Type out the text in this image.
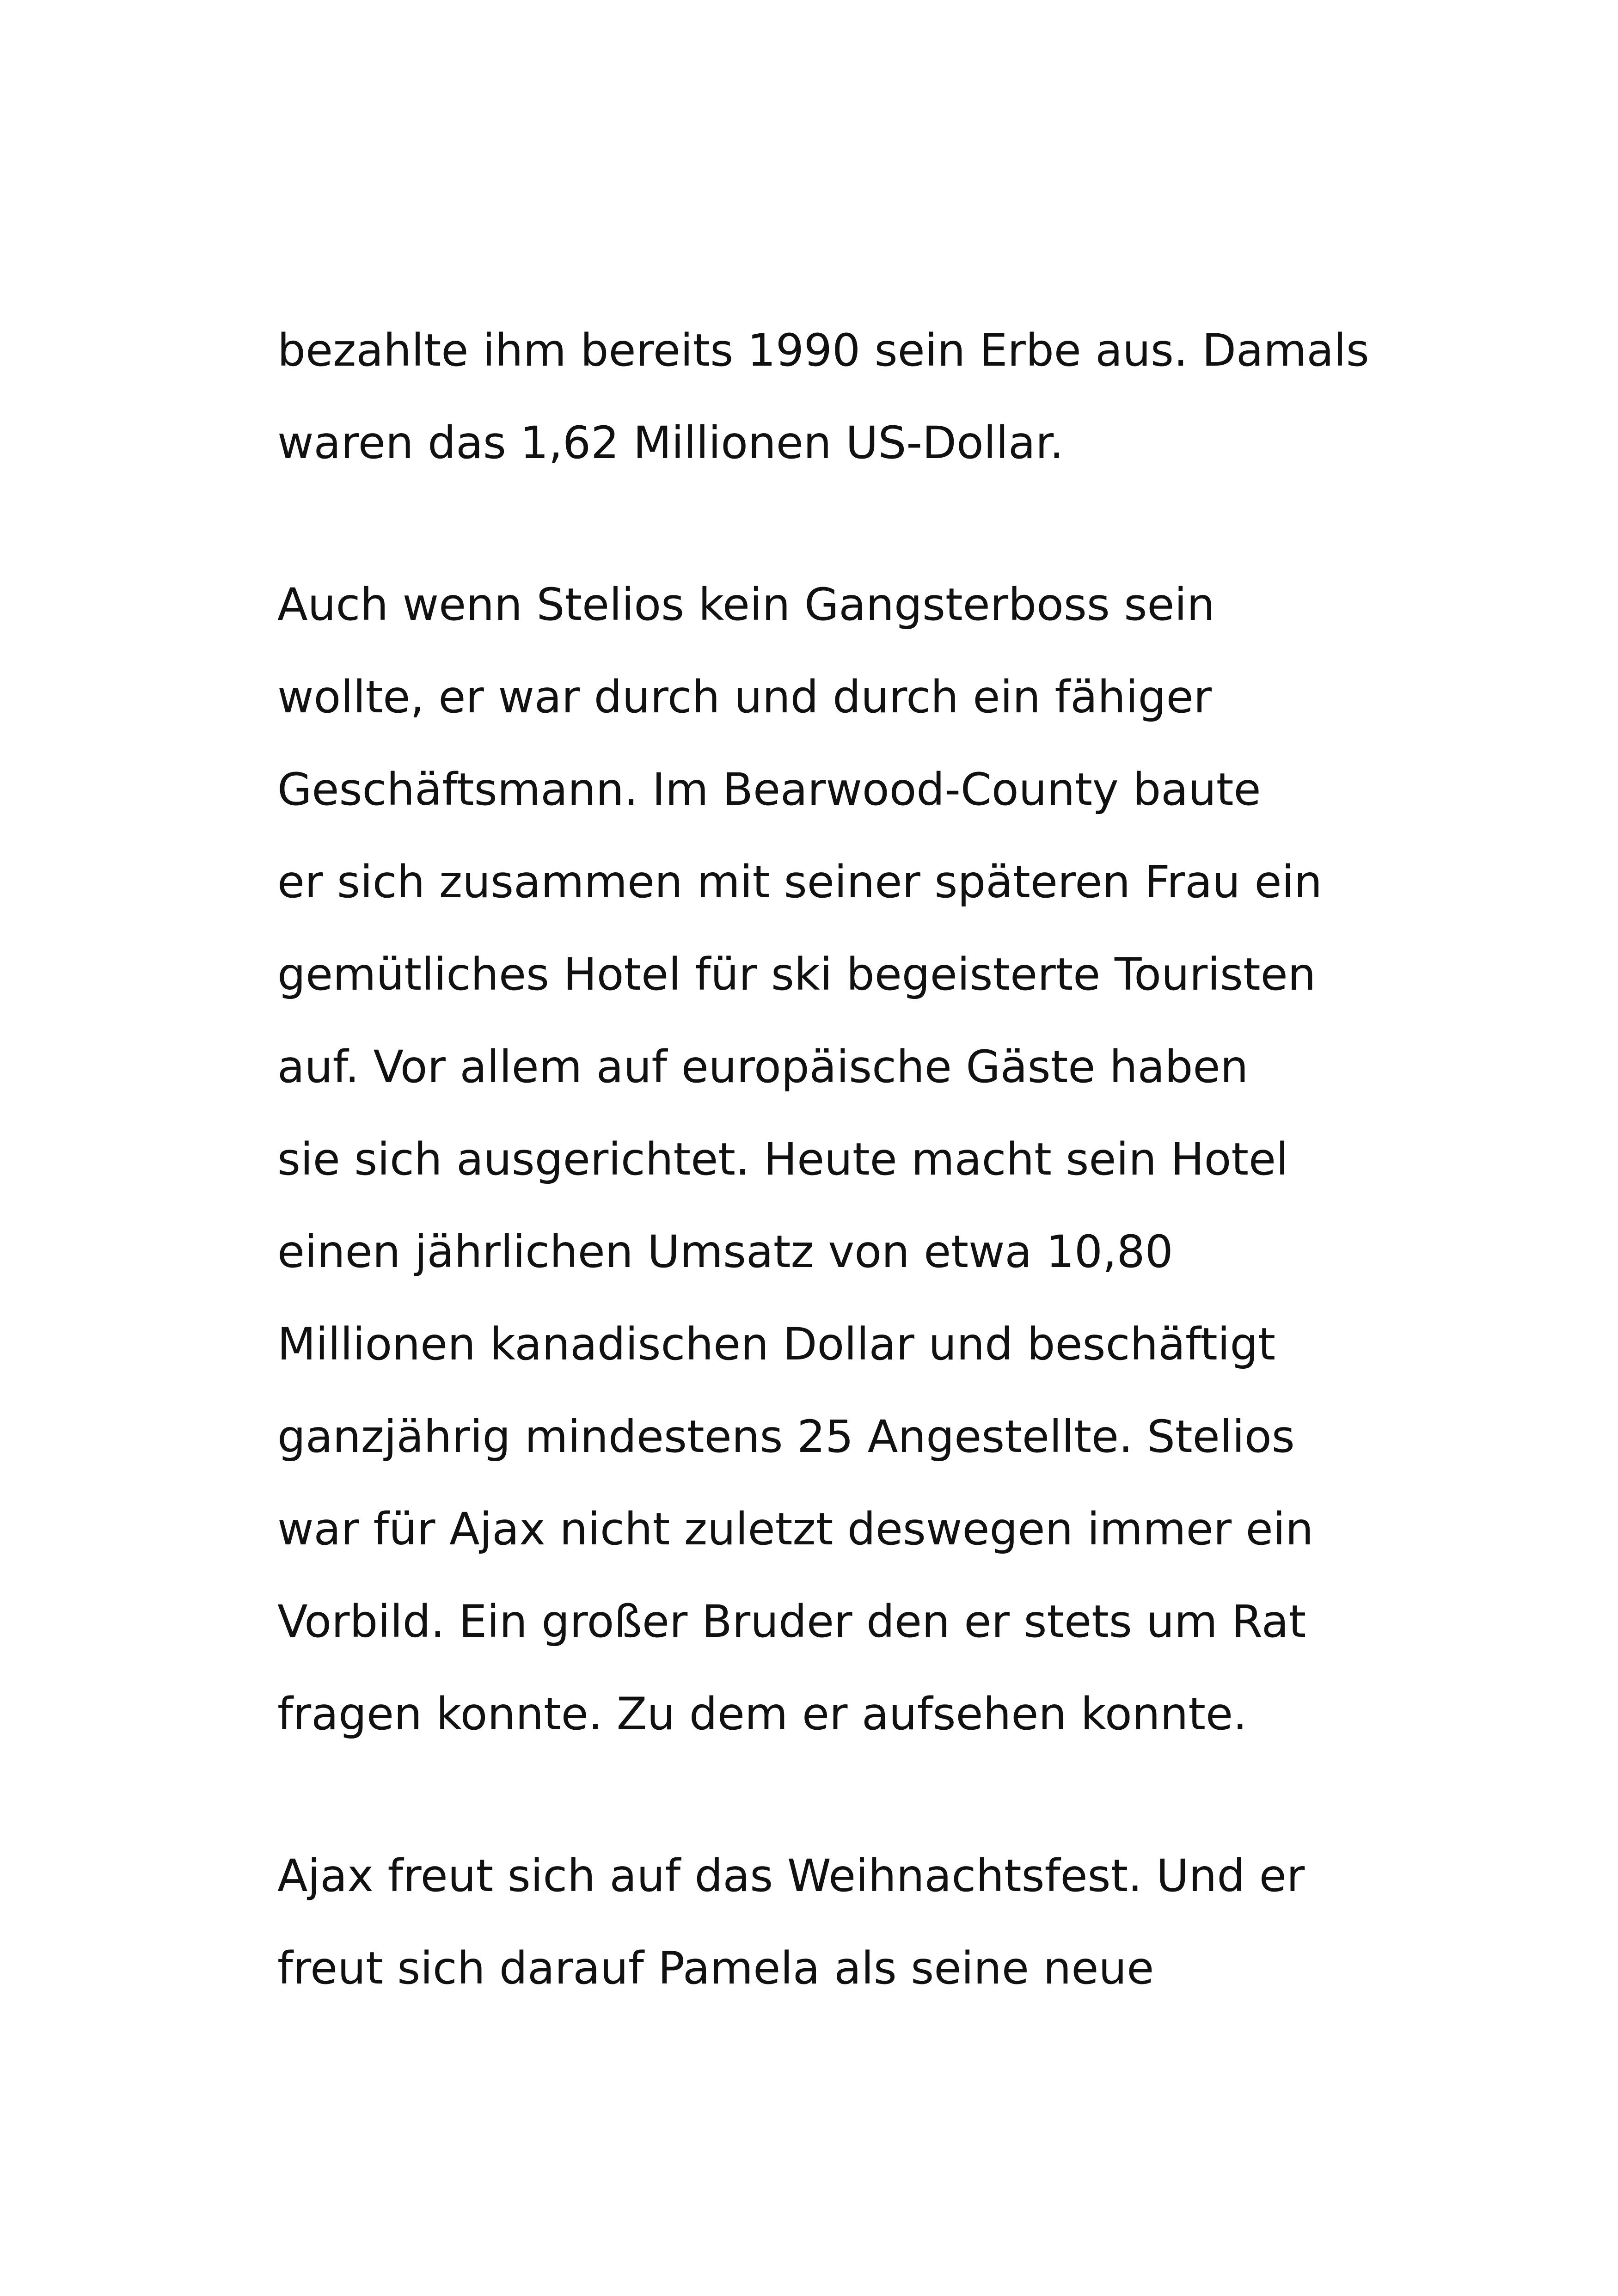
bezahlte ihm bereits 1990 sein Erbe aus. Damals
waren das 1,62 Millionen US-Dollar.
Auch wenn Stelios kein Gangsterboss sein
wollte, er war durch und durch ein fähiger
Geschäftsmann. Im Bearwood-County baute
er sich zusammen mit seiner späteren Frau ein
gemütliches Hotel für ski begeisterte Touristen
auf. Vor allem auf europäische Gäste haben
sie sich ausgerichtet. Heute macht sein Hotel
einen jährlichen Umsatz von etwa 10,80
Millionen kanadischen Dollar und beschäftigt
ganzjährig mindestens 25 Angestellte. Stelios
war für Ajax nicht zuletzt deswegen immer ein
Vorbild. Ein großer Bruder den er stets um Rat
fragen konnte. Zu dem er aufsehen konnte.
Ajax freut sich auf das Weihnachtsfest. Und er
freut sich darauf Pamela als seine neue
